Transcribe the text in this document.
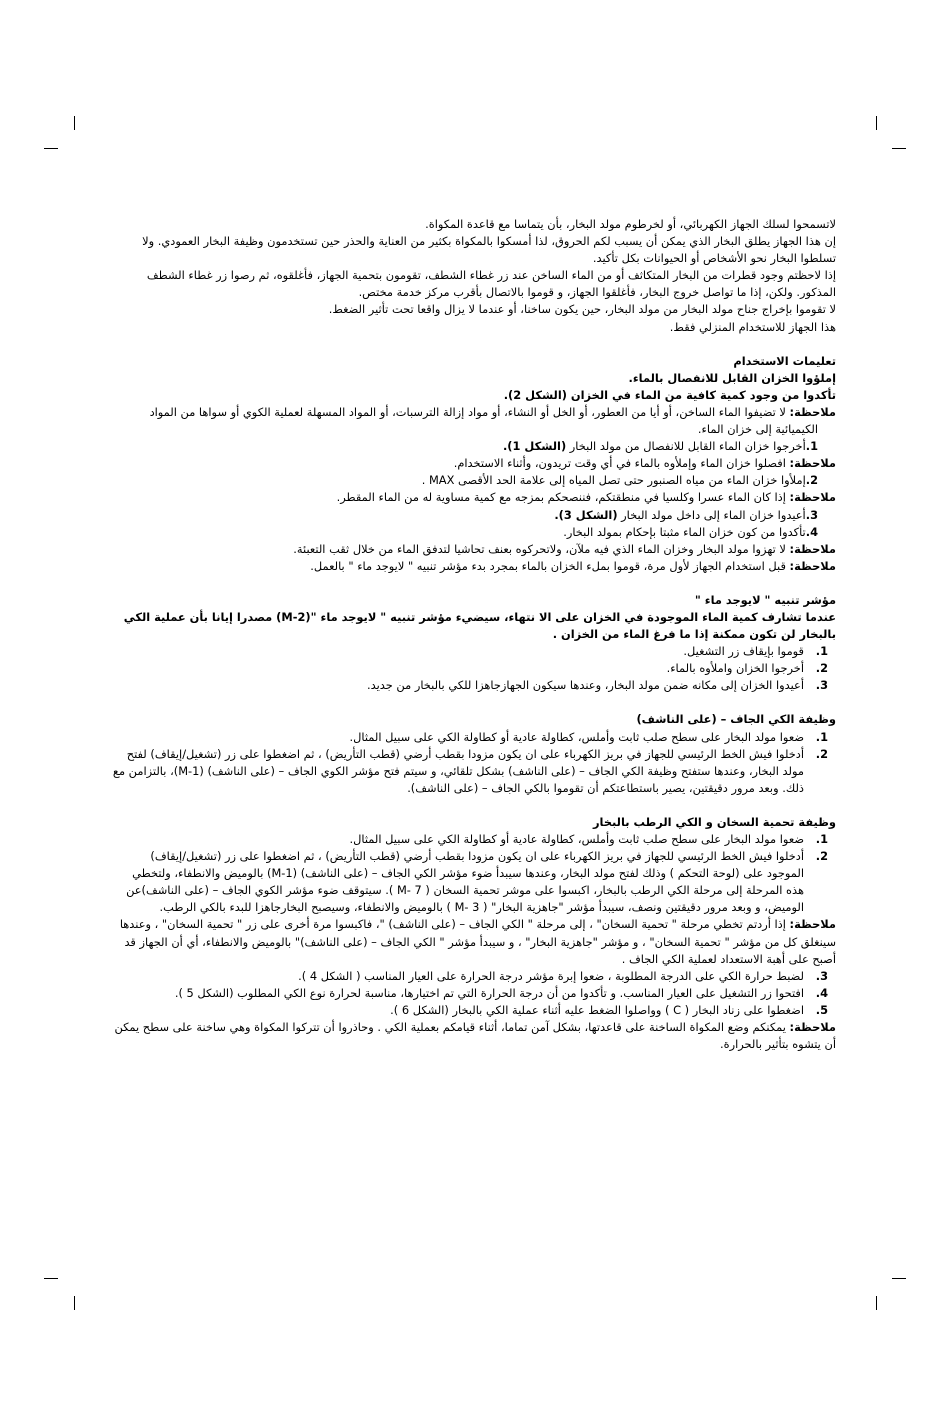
لاتسمحوا لسلك الجهاز الكهربائي، أو لخرطوم مولد البخار، بأن يتماسا مع قاعدة المكواة.

إن هذا الجهاز يطلق البخار الذي يمكن أن يسبب لكم الحروق، لذا أمسكوا بالمكواة بكثير من العناية والحذر حين تستخدمون وظيفة البخار العمودي. ولا تسلطوا البخار نحو الأشخاص أو الحيوانات بكل تأكيد.

إذا لاحظتم وجود قطرات من البخار المتكاثف أو من الماء الساخن عند زر غطاء الشطف، تقومون بتحمية الجهاز، فأغلقوه، ثم رصوا زر غطاء الشطف المذكور. ولكن، إذا ما تواصل خروج البخار، فأغلقوا الجهاز، و قوموا بالاتصال بأقرب مركز خدمة مختص.

لا تقوموا بإخراج جناح مولد البخار من مولد البخار، حين يكون ساخنا، أو عندما لا يزال واقعا تحت تأثير الضغط.

هذا الجهاز للاستخدام المنزلي فقط.

تعليمات الاستخدام

إملؤوا الخزان القابل للانفصال بالماء.

تأكدوا من وجود كمية كافية من الماء في الخزان (الشكل 2).

ملاحظة: لا تضيفوا الماء الساخن، أو أيا من العطور، أو الخل أو النشاء، أو مواد إزالة الترسبات، أو المواد المسهلة لعملية الكوي أو سواها من المواد الكيميائية إلى خزان الماء.

1.أخرجوا خزان الماء القابل للانفصال من مولد البخار (الشكل 1).

ملاحظة: افصلوا خزان الماء وإملأوه بالماء في أي وقت تريدون، وأثناء الاستخدام.

2.إملأوا خزان الماء من مياه الصنبور حتى تصل المياه إلى علامة الحد الأقصى MAX .

ملاحظة: إذا كان الماء عسرا وكلسيا في منطقتكم، فننصحكم بمزجه مع كمية مساوية له من الماء المقطر.

3.أعيدوا خزان الماء إلى داخل مولد البخار (الشكل 3).

4.تأكدوا من كون خزان الماء مثبتا بإحكام بمولد البخار.

ملاحظة: لا تهزوا مولد البخار وخزان الماء الذي فيه ملآن، ولاتحركوه بعنف تحاشيا لتدفق الماء من خلال ثقب التعبئة.

ملاحظة: قبل استخدام الجهاز لأول مرة، قوموا بملء الخزان بالماء بمجرد بدء مؤشر تنبيه " لايوجد ماء " بالعمل.

مؤشر تنبيه " لايوجد ماء "

عندما تشارف كمية الماء الموجودة في الخزان على الا نتهاء، سيضيء مؤشر تنبيه " لايوجد ماء "(M-2) مصدرا إيانا بأن عملية الكي بالبخار لن تكون ممكنة إذا ما فرغ الماء من الخزان .

1.
قوموا بإيقاف زر التشغيل.
2.
أخرجوا الخزان واملأوه بالماء.
3.
أعيدوا الخزان إلى مكانه ضمن مولد البخار، وعندها سيكون الجهازجاهزا للكي بالبخار من جديد.

وظيفة الكي الجاف – (على الناشف)

1.
ضعوا مولد البخار على سطح صلب ثابت وأملس، كطاولة عادية أو كطاولة الكي على سبيل المثال.
2.
أدخلوا فيش الخط الرئيسي للجهاز في بريز الكهرباء على ان يكون مزودا بقطب أرضي (قطب التأريض) ، ثم اضغطوا على زر (تشغيل/إيقاف) لفتح مولد البخار، وعندها ستفتح وظيفة الكي الجاف – (على الناشف) بشكل تلقائي، و سيتم فتح مؤشر الكوي الجاف – (على الناشف) (M-1)، بالتزامن مع ذلك. وبعد مرور دقيقتين، يصير باستطاعتكم أن تقوموا بالكي الجاف – (على الناشف).

وظيفة تحمية السخان و الكي الرطب بالبخار

1.
ضعوا مولد البخار على سطح صلب ثابت وأملس، كطاولة عادية أو كطاولة الكي على سبيل المثال.
2.
أدخلوا فيش الخط الرئيسي للجهاز في بريز الكهرباء على ان يكون مزودا بقطب أرضي (قطب التأريض) ، ثم اضغطوا على زر (تشغيل/إيقاف) الموجود على (لوحة التحكم ) وذلك لفتح مولد البخار، وعندها سيبدأ ضوء مؤشر الكي الجاف – (على الناشف) (M-1) بالوميض والانطفاء، ولتخطي هذه المرحلة إلى مرحلة الكي الرطب بالبخار، اكبسوا على موشر تحمية السخان ( M- 7 ). سيتوقف ضوء مؤشر الكوي الجاف – (على الناشف)عن الوميض، و وبعد مرور دقيقتين ونصف، سيبدأ مؤشر "جاهزية البخار" ( M- 3 ) بالوميض والانطفاء، وسيصبح البخارجاهزا للبدء بالكي الرطب.

ملاحظة: إذا أردتم تخطي مرحلة " تحمية السخان" ، إلى مرحلة " الكي الجاف – (على الناشف) "، فاكبسوا مرة أخرى على زر " تحمية السخان" ، وعندها سينغلق كل من مؤشر " تحمية السخان" ، و مؤشر "جاهزية البخار" ، و سيبدأ مؤشر " الكي الجاف – (على الناشف)" بالوميض والانطفاء، أي أن الجهاز قد أصبح على أهبة الاستعداد لعملية الكي الجاف .

3.
لضبط حرارة الكي على الدرجة المطلوبة ، ضعوا إبرة مؤشر درجة الحرارة على العيار المناسب ( الشكل 4 ).
4.
افتحوا زر التشغيل على العيار المناسب. و تأكدوا من أن درجة الحرارة التي تم اختيارها، مناسبة لحرارة نوع الكي المطلوب (الشكل 5 ).
5.
اضغطوا على زناد البخار ( C ) وواصلوا الضغط عليه أثناء عملية الكي بالبخار (الشكل 6 ).

ملاحظة: يمكنكم وضع المكواة الساخنة على قاعدتها، بشكل آمن تماما، أثناء قيامكم بعملية الكي . وحاذروا أن تتركوا المكواة وهي ساخنة على سطح يمكن أن يتشوه بتأثير بالحرارة.
